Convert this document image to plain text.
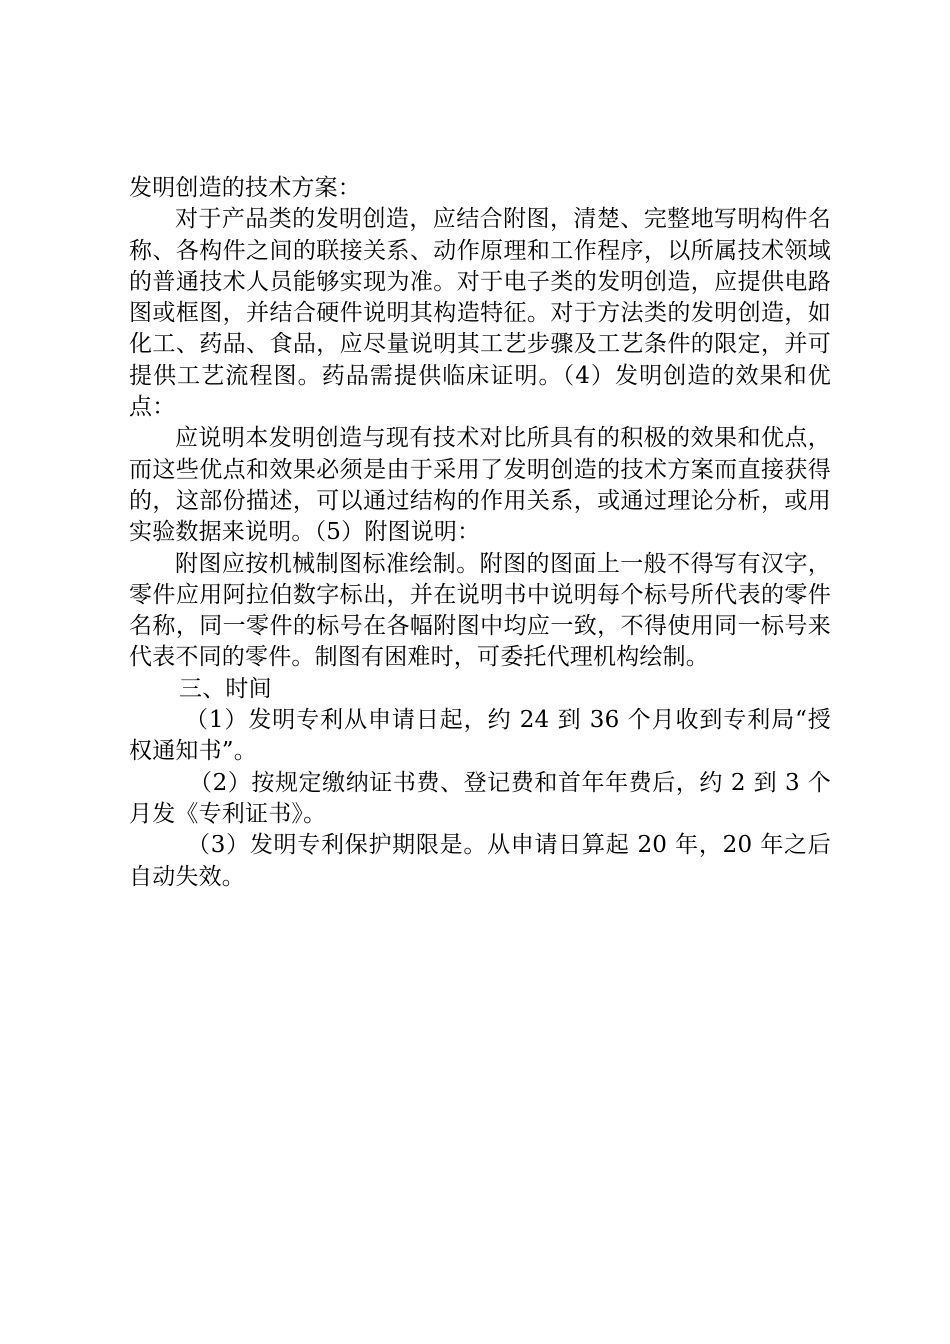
发明创造的技术方案：

对于产品类的发明创造，应结合附图，清楚、完整地写明构件名称、各构件之间的联接关系、动作原理和工作程序，以所属技术领域的普通技术人员能够实现为准。对于电子类的发明创造，应提供电路图或框图，并结合硬件说明其构造特征。对于方法类的发明创造，如化工、药品、食品，应尽量说明其工艺步骤及工艺条件的限定，并可提供工艺流程图。药品需提供临床证明。（4）发明创造的效果和优点：

应说明本发明创造与现有技术对比所具有的积极的效果和优点，而这些优点和效果必须是由于采用了发明创造的技术方案而直接获得的，这部份描述，可以通过结构的作用关系，或通过理论分析，或用实验数据来说明。（5）附图说明：

附图应按机械制图标准绘制。附图的图面上一般不得写有汉字，零件应用阿拉伯数字标出，并在说明书中说明每个标号所代表的零件名称，同一零件的标号在各幅附图中均应一致，不得使用同一标号来代表不同的零件。制图有困难时，可委托代理机构绘制。

三、时间

（1）发明专利从申请日起，约 24 到 36 个月收到专利局“授权通知书”。

（2）按规定缴纳证书费、登记费和首年年费后，约 2 到 3 个月发《专利证书》。

（3）发明专利保护期限是。从申请日算起 20 年，20 年之后自动失效。
